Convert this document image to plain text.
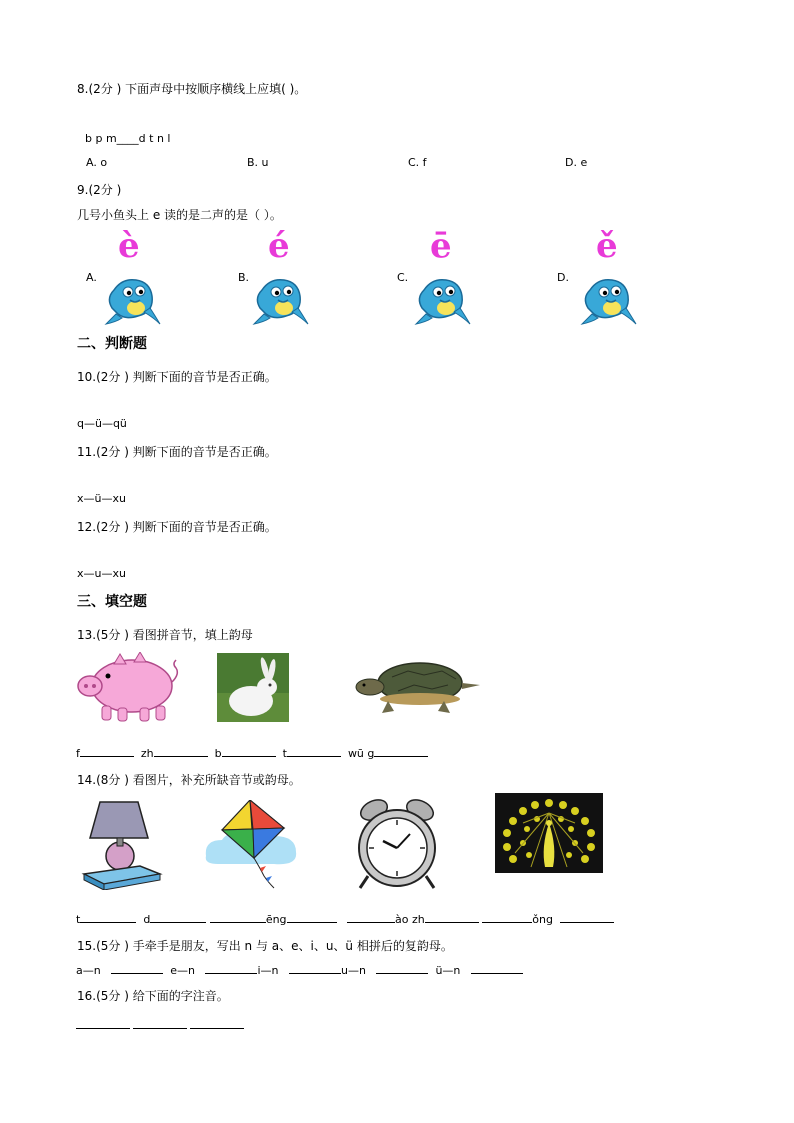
8.(2分 ) 下面声母中按顺序横线上应填( )。
b p m____d t n l
A. o	B. u	C. f	D. e
9.(2分 )
几号小鱼头上 e 读的是二声的是（ ）。
A.
è
B.
é
C.
ē
D.
ě
二、判断题
10.(2分 ) 判断下面的音节是否正确。
q—ü—qü
11.(2分 ) 判断下面的音节是否正确。
x—ü—xu
12.(2分 ) 判断下面的音节是否正确。
x—u—xu
三、填空题
13.(5分 ) 看图拼音节，填上韵母
f	zh	b	t	wū g
14.(8分 ) 看图片，补充所缺音节或韵母。
t	d	ēng	ào zh	ǒng
15.(5分 ) 手牵手是朋友，写出 n 与 a、e、i、u、ü 相拼后的复韵母。
a—n	e—n	i—n	u—n	ü—n
16.(5分 ) 给下面的字注音。
